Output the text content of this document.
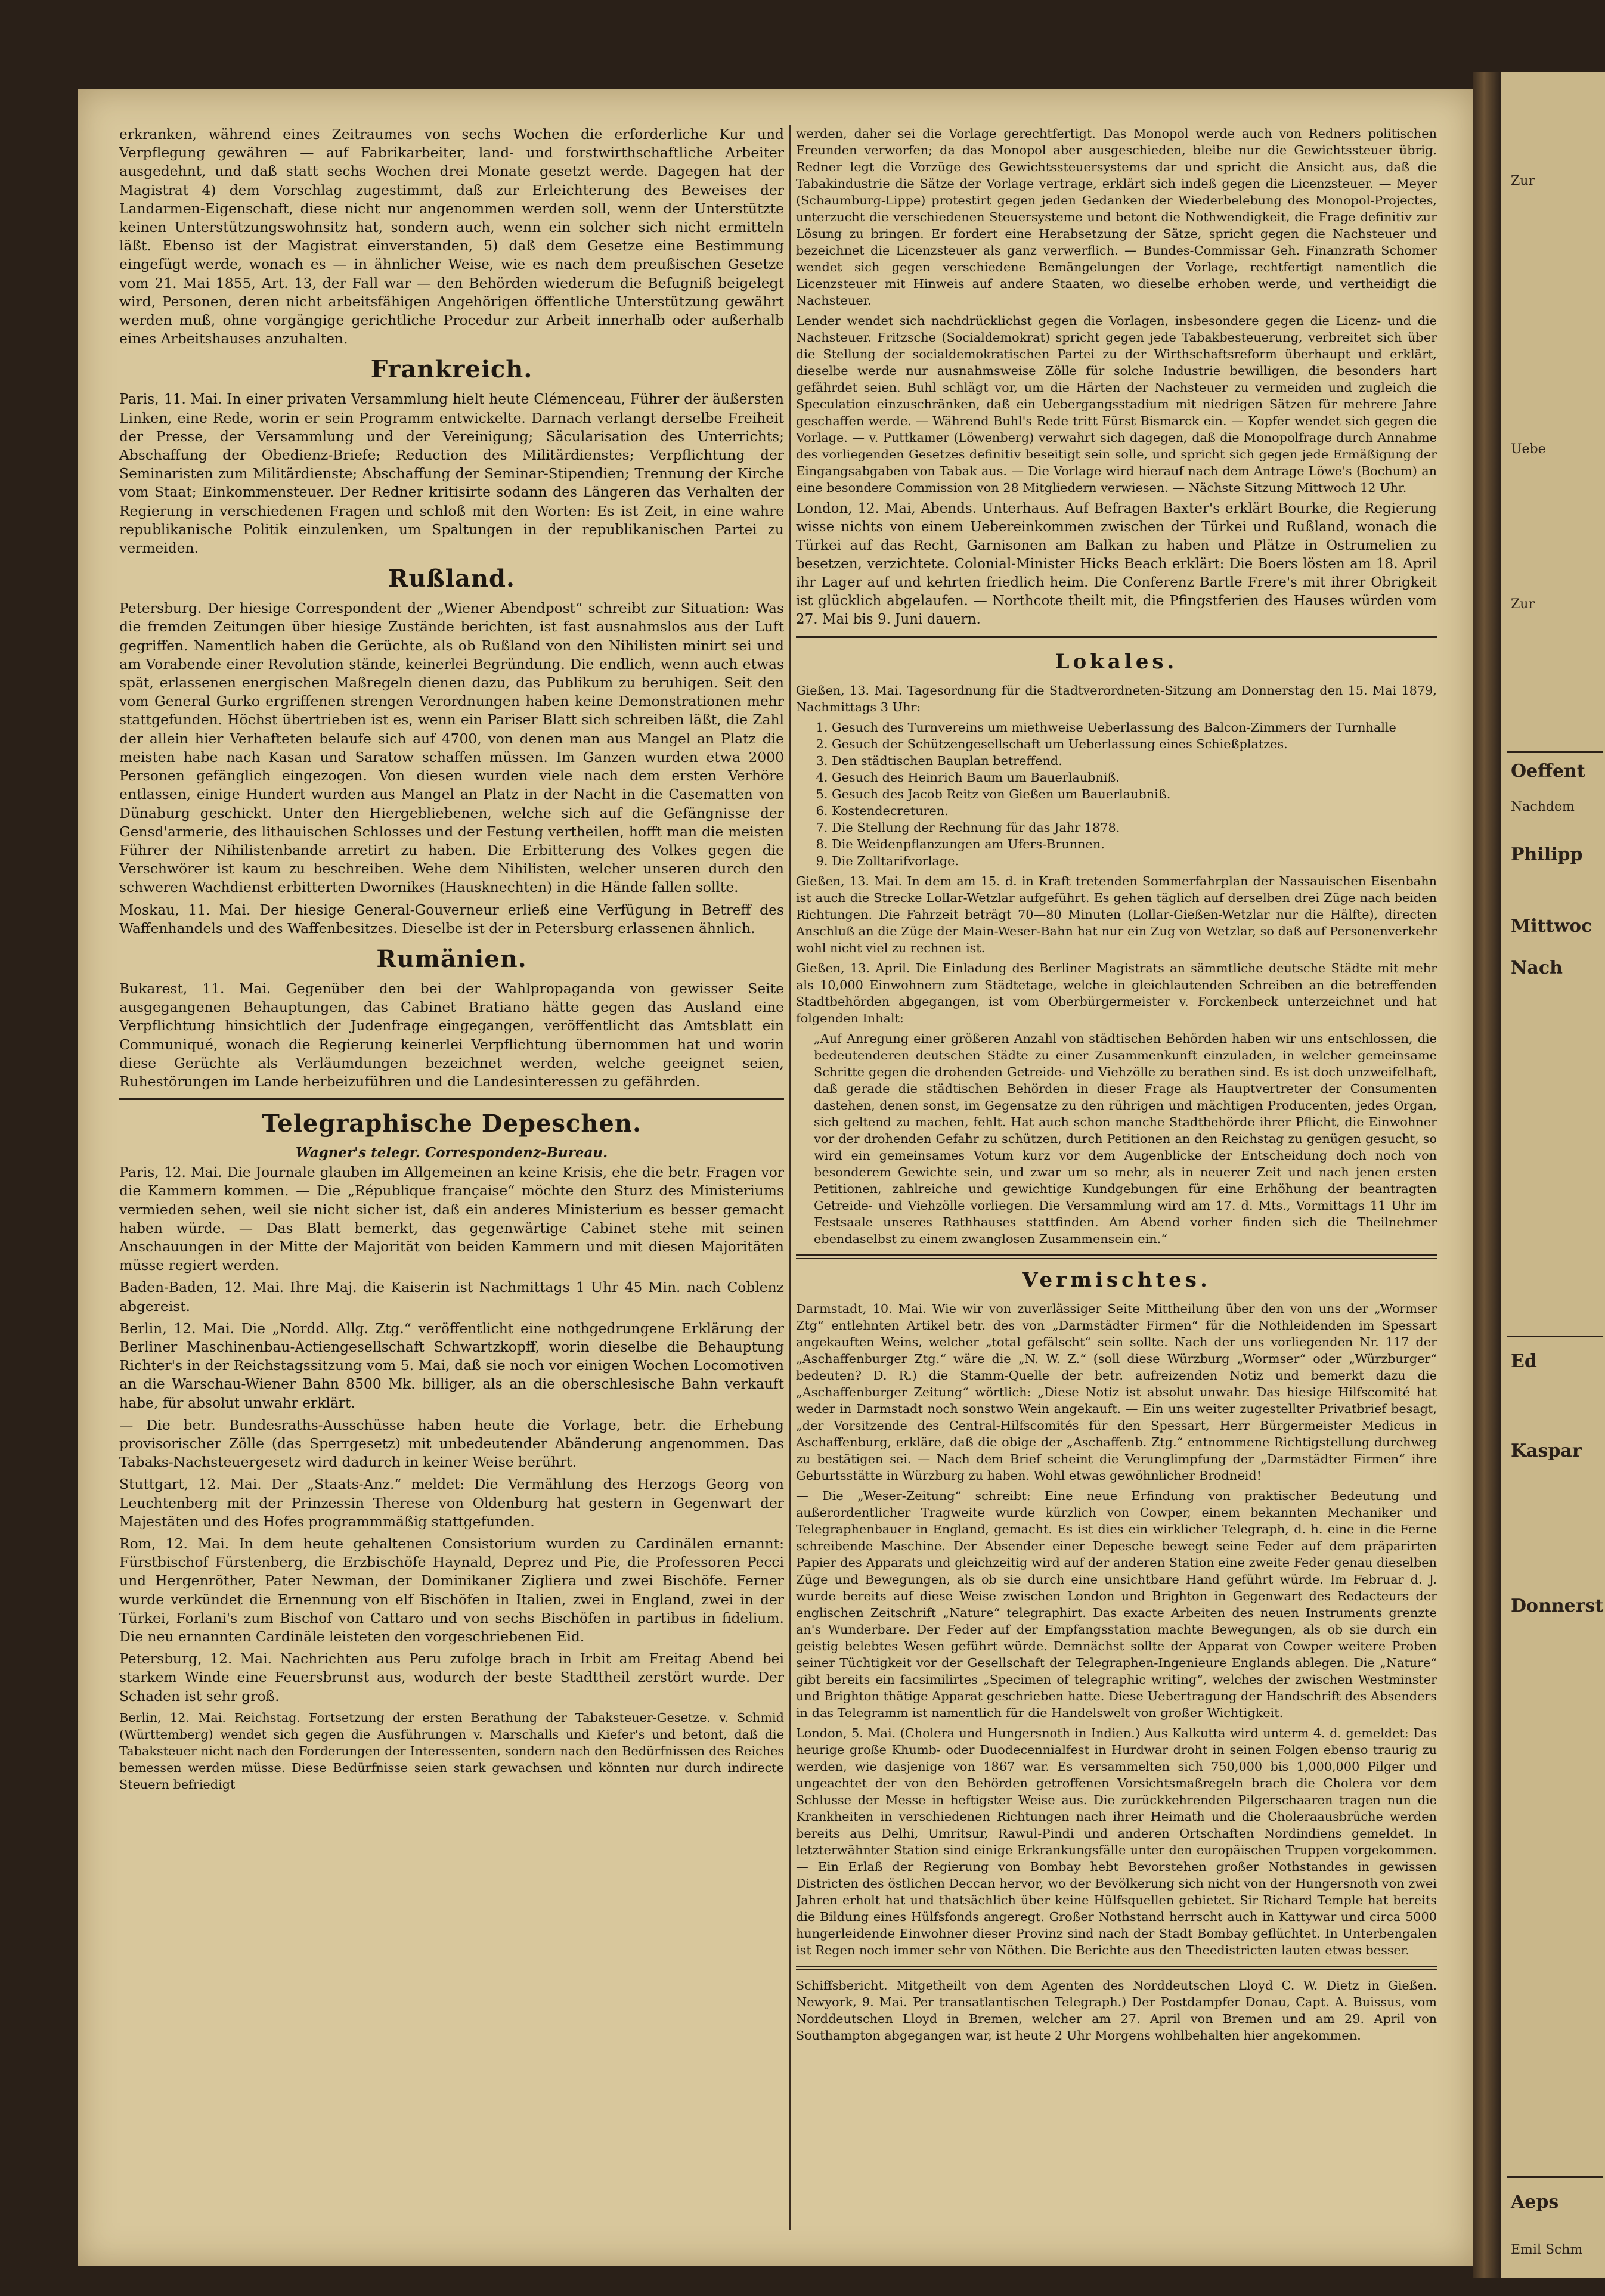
Zur
Uebe
Zur
Oeffent
Nachdem
Philipp
Mittwoc
Nach
Ed
Kaspar
Donnerst
Aeps
Emil Schm

erkranken, während eines Zeitraumes von sechs Wochen die erforderliche Kur und Verpflegung gewähren — auf Fabrikarbeiter, land- und forstwirthschaftliche Arbeiter ausgedehnt, und daß statt sechs Wochen drei Monate gesetzt werde. Dagegen hat der Magistrat 4) dem Vorschlag zugestimmt, daß zur Erleichterung des Beweises der Landarmen-Eigenschaft, diese nicht nur angenommen werden soll, wenn der Unterstützte keinen Unterstützungswohnsitz hat, sondern auch, wenn ein solcher sich nicht ermitteln läßt. Ebenso ist der Magistrat einverstanden, 5) daß dem Gesetze eine Bestimmung eingefügt werde, wonach es — in ähnlicher Weise, wie es nach dem preußischen Gesetze vom 21. Mai 1855, Art. 13, der Fall war — den Behörden wiederum die Befugniß beigelegt wird, Personen, deren nicht arbeitsfähigen Angehörigen öffentliche Unterstützung gewährt werden muß, ohne vorgängige gerichtliche Procedur zur Arbeit innerhalb oder außerhalb eines Arbeitshauses anzuhalten.

Frankreich.

Paris, 11. Mai. In einer privaten Versammlung hielt heute Clémenceau, Führer der äußersten Linken, eine Rede, worin er sein Programm entwickelte. Darnach verlangt derselbe Freiheit der Presse, der Versammlung und der Vereinigung; Säcularisation des Unterrichts; Abschaffung der Obedienz-Briefe; Reduction des Militärdienstes; Verpflichtung der Seminaristen zum Militärdienste; Abschaffung der Seminar-Stipendien; Trennung der Kirche vom Staat; Einkommensteuer. Der Redner kritisirte sodann des Längeren das Verhalten der Regierung in verschiedenen Fragen und schloß mit den Worten: Es ist Zeit, in eine wahre republikanische Politik einzulenken, um Spaltungen in der republikanischen Partei zu vermeiden.

Rußland.

Petersburg. Der hiesige Correspondent der „Wiener Abendpost“ schreibt zur Situation: Was die fremden Zeitungen über hiesige Zustände berichten, ist fast ausnahmslos aus der Luft gegriffen. Namentlich haben die Gerüchte, als ob Rußland von den Nihilisten minirt sei und am Vorabende einer Revolution stände, keinerlei Begründung. Die endlich, wenn auch etwas spät, erlassenen energischen Maßregeln dienen dazu, das Publikum zu beruhigen. Seit den vom General Gurko ergriffenen strengen Verordnungen haben keine Demonstrationen mehr stattgefunden. Höchst übertrieben ist es, wenn ein Pariser Blatt sich schreiben läßt, die Zahl der allein hier Verhafteten belaufe sich auf 4700, von denen man aus Mangel an Platz die meisten habe nach Kasan und Saratow schaffen müssen. Im Ganzen wurden etwa 2000 Personen gefänglich eingezogen. Von diesen wurden viele nach dem ersten Verhöre entlassen, einige Hundert wurden aus Mangel an Platz in der Nacht in die Casematten von Dünaburg geschickt. Unter den Hiergebliebenen, welche sich auf die Gefängnisse der Gensd'armerie, des lithauischen Schlosses und der Festung vertheilen, hofft man die meisten Führer der Nihilistenbande arretirt zu haben. Die Erbitterung des Volkes gegen die Verschwörer ist kaum zu beschreiben. Wehe dem Nihilisten, welcher unseren durch den schweren Wachdienst erbitterten Dwornikes (Hausknechten) in die Hände fallen sollte.

Moskau, 11. Mai. Der hiesige General-Gouverneur erließ eine Verfügung in Betreff des Waffenhandels und des Waffenbesitzes. Dieselbe ist der in Petersburg erlassenen ähnlich.

Rumänien.

Bukarest, 11. Mai. Gegenüber den bei der Wahlpropaganda von gewisser Seite ausgegangenen Behauptungen, das Cabinet Bratiano hätte gegen das Ausland eine Verpflichtung hinsichtlich der Judenfrage eingegangen, veröffentlicht das Amtsblatt ein Communiqué, wonach die Regierung keinerlei Verpflichtung übernommen hat und worin diese Gerüchte als Verläumdungen bezeichnet werden, welche geeignet seien, Ruhestörungen im Lande herbeizuführen und die Landesinteressen zu gefährden.

Telegraphische Depeschen.
Wagner's telegr. Correspondenz-Bureau.

Paris, 12. Mai. Die Journale glauben im Allgemeinen an keine Krisis, ehe die betr. Fragen vor die Kammern kommen. — Die „République française“ möchte den Sturz des Ministeriums vermieden sehen, weil sie nicht sicher ist, daß ein anderes Ministerium es besser gemacht haben würde. — Das Blatt bemerkt, das gegenwärtige Cabinet stehe mit seinen Anschauungen in der Mitte der Majorität von beiden Kammern und mit diesen Majoritäten müsse regiert werden.

Baden-Baden, 12. Mai. Ihre Maj. die Kaiserin ist Nachmittags 1 Uhr 45 Min. nach Coblenz abgereist.

Berlin, 12. Mai. Die „Nordd. Allg. Ztg.“ veröffentlicht eine nothgedrungene Erklärung der Berliner Maschinenbau-Actiengesellschaft Schwartzkopff, worin dieselbe die Behauptung Richter's in der Reichstagssitzung vom 5. Mai, daß sie noch vor einigen Wochen Locomotiven an die Warschau-Wiener Bahn 8500 Mk. billiger, als an die oberschlesische Bahn verkauft habe, für absolut unwahr erklärt.

— Die betr. Bundesraths-Ausschüsse haben heute die Vorlage, betr. die Erhebung provisorischer Zölle (das Sperrgesetz) mit unbedeutender Abänderung angenommen. Das Tabaks-Nachsteuergesetz wird dadurch in keiner Weise berührt.

Stuttgart, 12. Mai. Der „Staats-Anz.“ meldet: Die Vermählung des Herzogs Georg von Leuchtenberg mit der Prinzessin Therese von Oldenburg hat gestern in Gegenwart der Majestäten und des Hofes programmmäßig stattgefunden.

Rom, 12. Mai. In dem heute gehaltenen Consistorium wurden zu Cardinälen ernannt: Fürstbischof Fürstenberg, die Erzbischöfe Haynald, Deprez und Pie, die Professoren Pecci und Hergenröther, Pater Newman, der Dominikaner Zigliera und zwei Bischöfe. Ferner wurde verkündet die Ernennung von elf Bischöfen in Italien, zwei in England, zwei in der Türkei, Forlani's zum Bischof von Cattaro und von sechs Bischöfen in partibus in fidelium. Die neu ernannten Cardinäle leisteten den vorgeschriebenen Eid.

Petersburg, 12. Mai. Nachrichten aus Peru zufolge brach in Irbit am Freitag Abend bei starkem Winde eine Feuersbrunst aus, wodurch der beste Stadttheil zerstört wurde. Der Schaden ist sehr groß.

Berlin, 12. Mai. Reichstag. Fortsetzung der ersten Berathung der Tabaksteuer-Gesetze. v. Schmid (Württemberg) wendet sich gegen die Ausführungen v. Marschalls und Kiefer's und betont, daß die Tabaksteuer nicht nach den Forderungen der Interessenten, sondern nach den Bedürfnissen des Reiches bemessen werden müsse. Diese Bedürfnisse seien stark gewachsen und könnten nur durch indirecte Steuern befriedigt

werden, daher sei die Vorlage gerechtfertigt. Das Monopol werde auch von Redners politischen Freunden verworfen; da das Monopol aber ausgeschieden, bleibe nur die Gewichtssteuer übrig. Redner legt die Vorzüge des Gewichtssteuersystems dar und spricht die Ansicht aus, daß die Tabakindustrie die Sätze der Vorlage vertrage, erklärt sich indeß gegen die Licenzsteuer. — Meyer (Schaumburg-Lippe) protestirt gegen jeden Gedanken der Wiederbelebung des Monopol-Projectes, unterzucht die verschiedenen Steuersysteme und betont die Nothwendigkeit, die Frage definitiv zur Lösung zu bringen. Er fordert eine Herabsetzung der Sätze, spricht gegen die Nachsteuer und bezeichnet die Licenzsteuer als ganz verwerflich. — Bundes-Commissar Geh. Finanzrath Schomer wendet sich gegen verschiedene Bemängelungen der Vorlage, rechtfertigt namentlich die Licenzsteuer mit Hinweis auf andere Staaten, wo dieselbe erhoben werde, und vertheidigt die Nachsteuer.

Lender wendet sich nachdrücklichst gegen die Vorlagen, insbesondere gegen die Licenz- und die Nachsteuer. Fritzsche (Socialdemokrat) spricht gegen jede Tabakbesteuerung, verbreitet sich über die Stellung der socialdemokratischen Partei zu der Wirthschaftsreform überhaupt und erklärt, dieselbe werde nur ausnahmsweise Zölle für solche Industrie bewilligen, die besonders hart gefährdet seien. Buhl schlägt vor, um die Härten der Nachsteuer zu vermeiden und zugleich die Speculation einzuschränken, daß ein Uebergangsstadium mit niedrigen Sätzen für mehrere Jahre geschaffen werde. — Während Buhl's Rede tritt Fürst Bismarck ein. — Kopfer wendet sich gegen die Vorlage. — v. Puttkamer (Löwenberg) verwahrt sich dagegen, daß die Monopolfrage durch Annahme des vorliegenden Gesetzes definitiv beseitigt sein solle, und spricht sich gegen jede Ermäßigung der Eingangsabgaben von Tabak aus. — Die Vorlage wird hierauf nach dem Antrage Löwe's (Bochum) an eine besondere Commission von 28 Mitgliedern verwiesen. — Nächste Sitzung Mittwoch 12 Uhr.

London, 12. Mai, Abends. Unterhaus. Auf Befragen Baxter's erklärt Bourke, die Regierung wisse nichts von einem Uebereinkommen zwischen der Türkei und Rußland, wonach die Türkei auf das Recht, Garnisonen am Balkan zu haben und Plätze in Ostrumelien zu besetzen, verzichtete. Colonial-Minister Hicks Beach erklärt: Die Boers lösten am 18. April ihr Lager auf und kehrten friedlich heim. Die Conferenz Bartle Frere's mit ihrer Obrigkeit ist glücklich abgelaufen. — Northcote theilt mit, die Pfingstferien des Hauses würden vom 27. Mai bis 9. Juni dauern.

Lokales.

Gießen, 13. Mai. Tagesordnung für die Stadtverordneten-Sitzung am Donnerstag den 15. Mai 1879, Nachmittags 3 Uhr:

1. Gesuch des Turnvereins um miethweise Ueberlassung des Balcon-Zimmers der Turnhalle
2. Gesuch der Schützengesellschaft um Ueberlassung eines Schießplatzes.
3. Den städtischen Bauplan betreffend.
4. Gesuch des Heinrich Baum um Bauerlaubniß.
5. Gesuch des Jacob Reitz von Gießen um Bauerlaubniß.
6. Kostendecreturen.
7. Die Stellung der Rechnung für das Jahr 1878.
8. Die Weidenpflanzungen am Ufers-Brunnen.
9. Die Zolltarifvorlage.

Gießen, 13. Mai. In dem am 15. d. in Kraft tretenden Sommerfahrplan der Nassauischen Eisenbahn ist auch die Strecke Lollar-Wetzlar aufgeführt. Es gehen täglich auf derselben drei Züge nach beiden Richtungen. Die Fahrzeit beträgt 70—80 Minuten (Lollar-Gießen-Wetzlar nur die Hälfte), directen Anschluß an die Züge der Main-Weser-Bahn hat nur ein Zug von Wetzlar, so daß auf Personenverkehr wohl nicht viel zu rechnen ist.

Gießen, 13. April. Die Einladung des Berliner Magistrats an sämmtliche deutsche Städte mit mehr als 10,000 Einwohnern zum Städtetage, welche in gleichlautenden Schreiben an die betreffenden Stadtbehörden abgegangen, ist vom Oberbürgermeister v. Forckenbeck unterzeichnet und hat folgenden Inhalt:

„Auf Anregung einer größeren Anzahl von städtischen Behörden haben wir uns entschlossen, die bedeutenderen deutschen Städte zu einer Zusammenkunft einzuladen, in welcher gemeinsame Schritte gegen die drohenden Getreide- und Viehzölle zu berathen sind. Es ist doch unzweifelhaft, daß gerade die städtischen Behörden in dieser Frage als Hauptvertreter der Consumenten dastehen, denen sonst, im Gegensatze zu den rührigen und mächtigen Producenten, jedes Organ, sich geltend zu machen, fehlt. Hat auch schon manche Stadtbehörde ihrer Pflicht, die Einwohner vor der drohenden Gefahr zu schützen, durch Petitionen an den Reichstag zu genügen gesucht, so wird ein gemeinsames Votum kurz vor dem Augenblicke der Entscheidung doch noch von besonderem Gewichte sein, und zwar um so mehr, als in neuerer Zeit und nach jenen ersten Petitionen, zahlreiche und gewichtige Kundgebungen für eine Erhöhung der beantragten Getreide- und Viehzölle vorliegen. Die Versammlung wird am 17. d. Mts., Vormittags 11 Uhr im Festsaale unseres Rathhauses stattfinden. Am Abend vorher finden sich die Theilnehmer ebendaselbst zu einem zwanglosen Zusammensein ein.“

Vermischtes.

Darmstadt, 10. Mai. Wie wir von zuverlässiger Seite Mittheilung über den von uns der „Wormser Ztg“ entlehnten Artikel betr. des von „Darmstädter Firmen“ für die Nothleidenden im Spessart angekauften Weins, welcher „total gefälscht“ sein sollte. Nach der uns vorliegenden Nr. 117 der „Aschaffenburger Ztg.“ wäre die „N. W. Z.“ (soll diese Würzburg „Wormser“ oder „Würzburger“ bedeuten? D. R.) die Stamm-Quelle der betr. aufreizenden Notiz und bemerkt dazu die „Aschaffenburger Zeitung“ wörtlich: „Diese Notiz ist absolut unwahr. Das hiesige Hilfscomité hat weder in Darmstadt noch sonstwo Wein angekauft. — Ein uns weiter zugestellter Privatbrief besagt, „der Vorsitzende des Central-Hilfscomités für den Spessart, Herr Bürgermeister Medicus in Aschaffenburg, erkläre, daß die obige der „Aschaffenb. Ztg.“ entnommene Richtigstellung durchweg zu bestätigen sei. — Nach dem Brief scheint die Verunglimpfung der „Darmstädter Firmen“ ihre Geburtsstätte in Würzburg zu haben. Wohl etwas gewöhnlicher Brodneid!

— Die „Weser-Zeitung“ schreibt: Eine neue Erfindung von praktischer Bedeutung und außerordentlicher Tragweite wurde kürzlich von Cowper, einem bekannten Mechaniker und Telegraphenbauer in England, gemacht. Es ist dies ein wirklicher Telegraph, d. h. eine in die Ferne schreibende Maschine. Der Absender einer Depesche bewegt seine Feder auf dem präparirten Papier des Apparats und gleichzeitig wird auf der anderen Station eine zweite Feder genau dieselben Züge und Bewegungen, als ob sie durch eine unsichtbare Hand geführt würde. Im Februar d. J. wurde bereits auf diese Weise zwischen London und Brighton in Gegenwart des Redacteurs der englischen Zeitschrift „Nature“ telegraphirt. Das exacte Arbeiten des neuen Instruments grenzte an's Wunderbare. Der Feder auf der Empfangsstation machte Bewegungen, als ob sie durch ein geistig belebtes Wesen geführt würde. Demnächst sollte der Apparat von Cowper weitere Proben seiner Tüchtigkeit vor der Gesellschaft der Telegraphen-Ingenieure Englands ablegen. Die „Nature“ gibt bereits ein facsimilirtes „Specimen of telegraphic writing“, welches der zwischen Westminster und Brighton thätige Apparat geschrieben hatte. Diese Uebertragung der Handschrift des Absenders in das Telegramm ist namentlich für die Handelswelt von großer Wichtigkeit.

London, 5. Mai. (Cholera und Hungersnoth in Indien.) Aus Kalkutta wird unterm 4. d. gemeldet: Das heurige große Khumb- oder Duodecennialfest in Hurdwar droht in seinen Folgen ebenso traurig zu werden, wie dasjenige von 1867 war. Es versammelten sich 750,000 bis 1,000,000 Pilger und ungeachtet der von den Behörden getroffenen Vorsichtsmaßregeln brach die Cholera vor dem Schlusse der Messe in heftigster Weise aus. Die zurückkehrenden Pilgerschaaren tragen nun die Krankheiten in verschiedenen Richtungen nach ihrer Heimath und die Choleraausbrüche werden bereits aus Delhi, Umritsur, Rawul-Pindi und anderen Ortschaften Nordindiens gemeldet. In letzterwähnter Station sind einige Erkrankungsfälle unter den europäischen Truppen vorgekommen. — Ein Erlaß der Regierung von Bombay hebt Bevorstehen großer Nothstandes in gewissen Districten des östlichen Deccan hervor, wo der Bevölkerung sich nicht von der Hungersnoth von zwei Jahren erholt hat und thatsächlich über keine Hülfsquellen gebietet. Sir Richard Temple hat bereits die Bildung eines Hülfsfonds angeregt. Großer Nothstand herrscht auch in Kattywar und circa 5000 hungerleidende Einwohner dieser Provinz sind nach der Stadt Bombay geflüchtet. In Unterbengalen ist Regen noch immer sehr von Nöthen. Die Berichte aus den Theedistricten lauten etwas besser.

Schiffsbericht. Mitgetheilt von dem Agenten des Norddeutschen Lloyd C. W. Dietz in Gießen. Newyork, 9. Mai. Per transatlantischen Telegraph.) Der Postdampfer Donau, Capt. A. Buissus, vom Norddeutschen Lloyd in Bremen, welcher am 27. April von Bremen und am 29. April von Southampton abgegangen war, ist heute 2 Uhr Morgens wohlbehalten hier angekommen.
